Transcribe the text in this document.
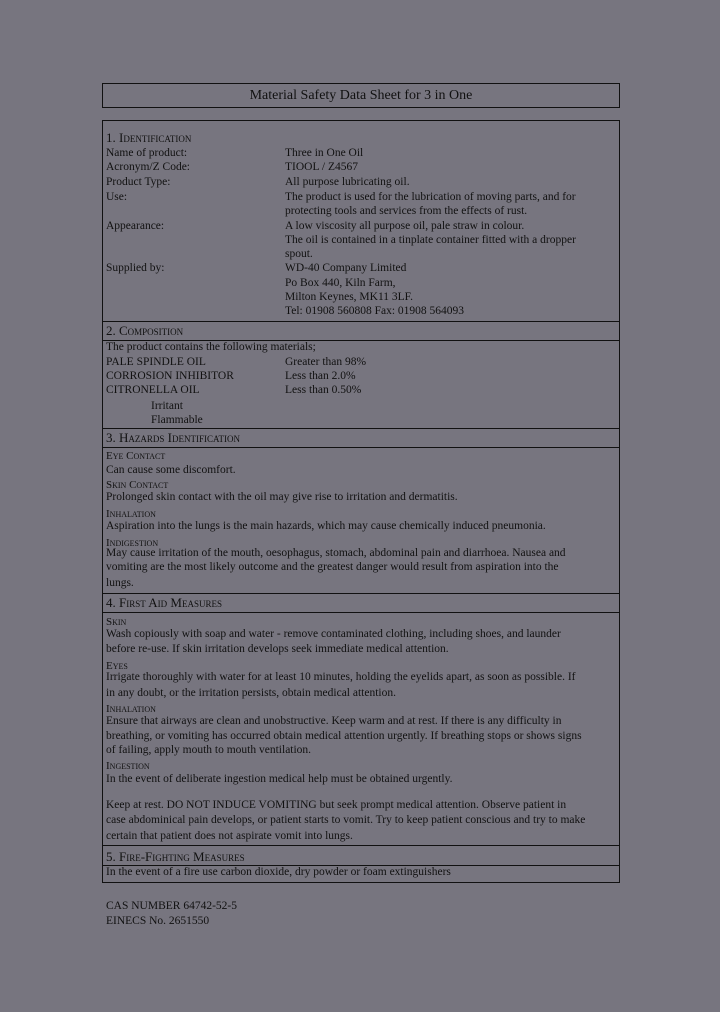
Material Safety Data Sheet for 3 in One
1. Identification
Name of product:	Three in One Oil
Acronym/Z Code:	TIOOL / Z4567
Product Type:	All purpose lubricating oil.
Use:	The product is used for the lubrication of moving parts, and for
protecting tools and services from the effects of rust.
Appearance:	A low viscosity all purpose oil, pale straw in colour.
The oil is contained in a tinplate container fitted with a dropper
spout.
Supplied by:	WD-40 Company Limited
Po Box 440, Kiln Farm,
Milton Keynes, MK11 3LF.
Tel: 01908 560808 Fax: 01908 564093
2. Composition
The product contains the following materials;
PALE SPINDLE OIL	Greater than 98%
CORROSION INHIBITOR	Less than 2.0%
CITRONELLA OIL	Less than 0.50%
Irritant
Flammable
3. Hazards Identification
Eye Contact
Can cause some discomfort.
Skin Contact
Prolonged skin contact with the oil may give rise to irritation and dermatitis.
Inhalation
Aspiration into the lungs is the main hazards, which may cause chemically induced pneumonia.
Indigestion
May cause irritation of the mouth, oesophagus, stomach, abdominal pain and diarrhoea. Nausea and
vomiting are the most likely outcome and the greatest danger would result from aspiration into the
lungs.
4. First Aid Measures
Skin
Wash copiously with soap and water - remove contaminated clothing, including shoes, and launder
before re-use. If skin irritation develops seek immediate medical attention.
Eyes
Irrigate thoroughly with water for at least 10 minutes, holding the eyelids apart, as soon as possible. If
in any doubt, or the irritation persists, obtain medical attention.
Inhalation
Ensure that airways are clean and unobstructive. Keep warm and at rest. If there is any difficulty in
breathing, or vomiting has occurred obtain medical attention urgently. If breathing stops or shows signs
of failing, apply mouth to mouth ventilation.
Ingestion
In the event of deliberate ingestion medical help must be obtained urgently.
Keep at rest. DO NOT INDUCE VOMITING but seek prompt medical attention. Observe patient in
case abdominical pain develops, or patient starts to vomit. Try to keep patient conscious and try to make
certain that patient does not aspirate vomit into lungs.
5. Fire-Fighting Measures
In the event of a fire use carbon dioxide, dry powder or foam extinguishers
CAS NUMBER 64742-52-5
EINECS No. 2651550
